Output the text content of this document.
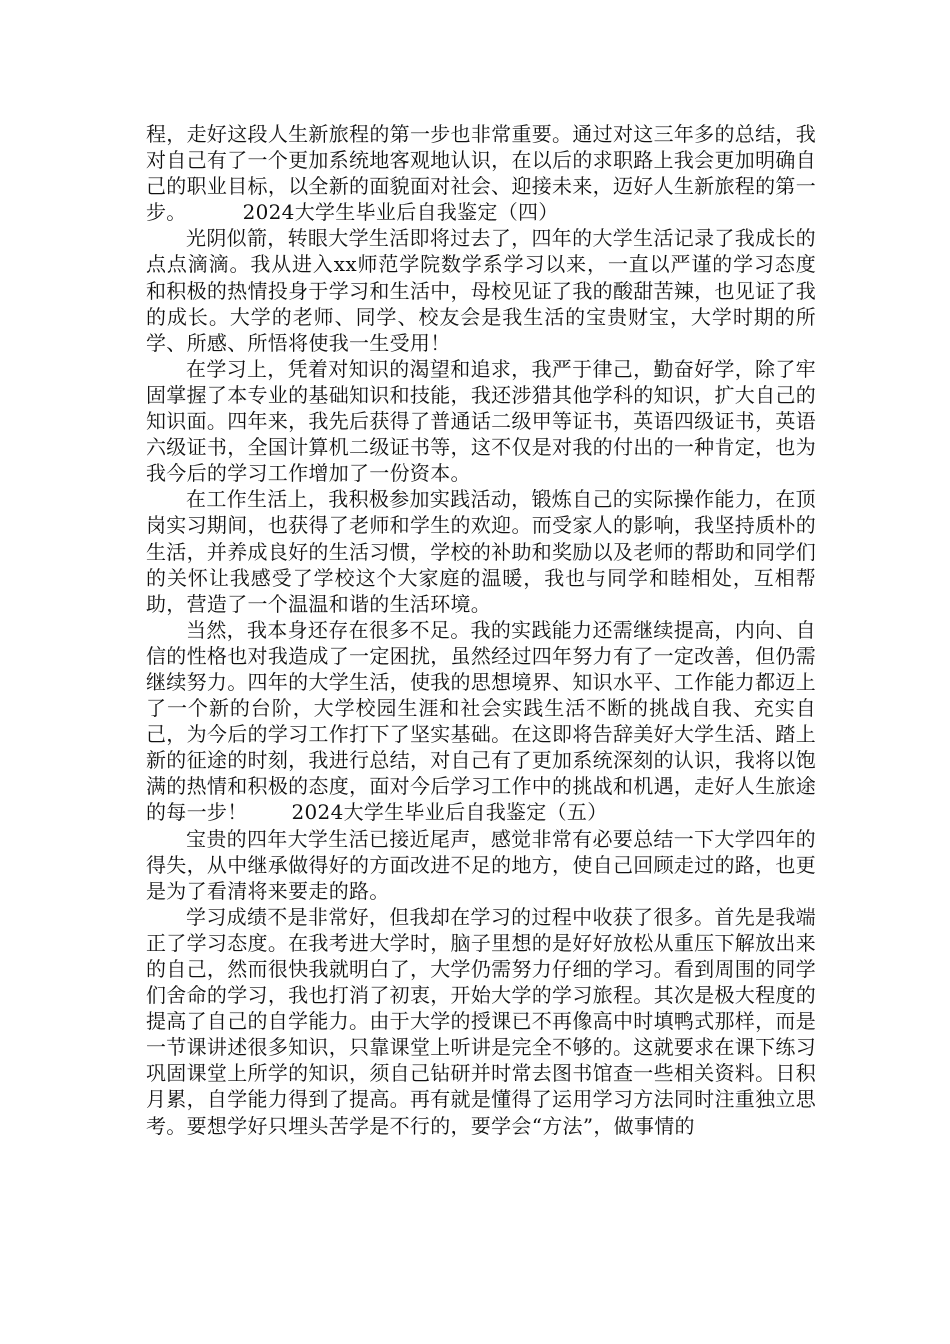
程，走好这段人生新旅程的第一步也非常重要。通过对这三年多的总结，我对自己有了一个更加系统地客观地认识，在以后的求职路上我会更加明确自己的职业目标，以全新的面貌面对社会、迎接未来，迈好人生新旅程的第一步。	2024大学生毕业后自我鉴定（四）

光阴似箭，转眼大学生活即将过去了，四年的大学生活记录了我成长的点点滴滴。我从进入xx师范学院数学系学习以来，一直以严谨的学习态度和积极的热情投身于学习和生活中，母校见证了我的酸甜苦辣，也见证了我的成长。大学的老师、同学、校友会是我生活的宝贵财宝，大学时期的所学、所感、所悟将使我一生受用！

在学习上，凭着对知识的渴望和追求，我严于律己，勤奋好学，除了牢固掌握了本专业的基础知识和技能，我还涉猎其他学科的知识，扩大自己的知识面。四年来，我先后获得了普通话二级甲等证书，英语四级证书，英语六级证书，全国计算机二级证书等，这不仅是对我的付出的一种肯定，也为我今后的学习工作增加了一份资本。

在工作生活上，我积极参加实践活动，锻炼自己的实际操作能力，在顶岗实习期间，也获得了老师和学生的欢迎。而受家人的影响，我坚持质朴的生活，并养成良好的生活习惯，学校的补助和奖励以及老师的帮助和同学们的关怀让我感受了学校这个大家庭的温暖，我也与同学和睦相处，互相帮助，营造了一个温温和谐的生活环境。

当然，我本身还存在很多不足。我的实践能力还需继续提高，内向、自信的性格也对我造成了一定困扰，虽然经过四年努力有了一定改善，但仍需继续努力。四年的大学生活，使我的思想境界、知识水平、工作能力都迈上了一个新的台阶，大学校园生涯和社会实践生活不断的挑战自我、充实自己，为今后的学习工作打下了坚实基础。在这即将告辞美好大学生活、踏上新的征途的时刻，我进行总结，对自己有了更加系统深刻的认识，我将以饱满的热情和积极的态度，面对今后学习工作中的挑战和机遇，走好人生旅途的每一步！ 2024大学生毕业后自我鉴定（五）

宝贵的四年大学生活已接近尾声，感觉非常有必要总结一下大学四年的得失，从中继承做得好的方面改进不足的地方，使自己回顾走过的路，也更是为了看清将来要走的路。

学习成绩不是非常好，但我却在学习的过程中收获了很多。首先是我端正了学习态度。在我考进大学时，脑子里想的是好好放松从重压下解放出来的自己，然而很快我就明白了，大学仍需努力仔细的学习。看到周围的同学们舍命的学习，我也打消了初衷，开始大学的学习旅程。其次是极大程度的提高了自己的自学能力。由于大学的授课已不再像高中时填鸭式那样，而是一节课讲述很多知识，只靠课堂上听讲是完全不够的。这就要求在课下练习巩固课堂上所学的知识，须自己钻研并时常去图书馆查一些相关资料。日积月累，自学能力得到了提高。再有就是懂得了运用学习方法同时注重独立思考。要想学好只埋头苦学是不行的，要学会“方法”，做事情的
